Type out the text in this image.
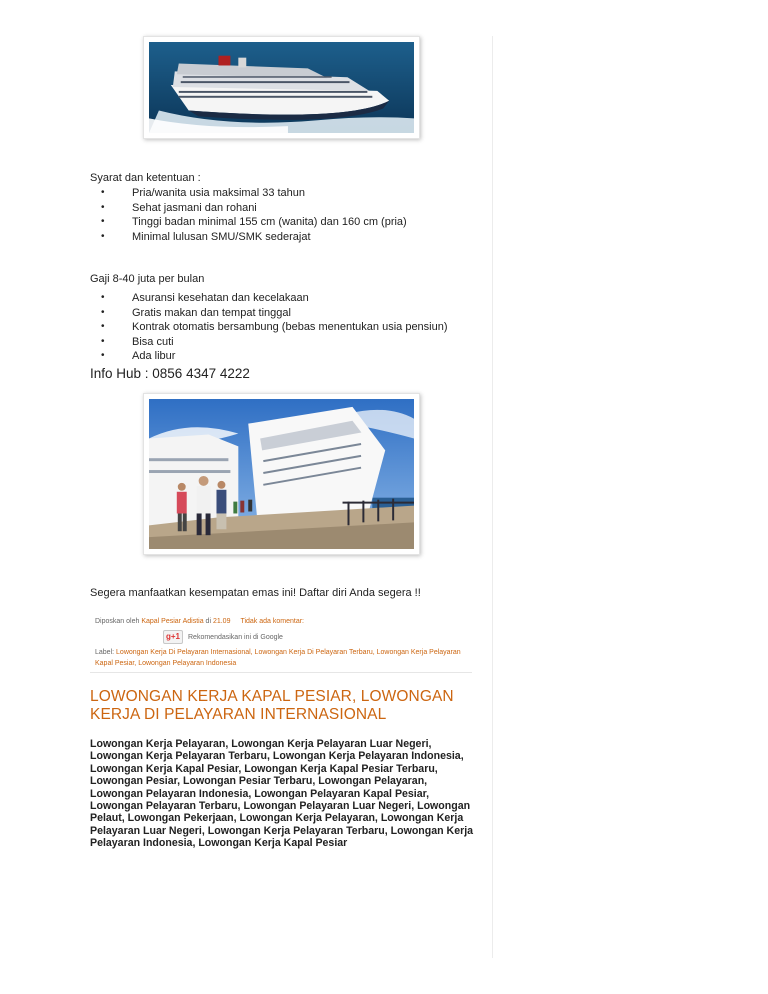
Syarat dan ketentuan :
• Pria/wanita usia maksimal 33 tahun
• Sehat jasmani dan rohani
• Tinggi badan minimal 155 cm (wanita) dan 160 cm (pria)
• Minimal lulusan SMU/SMK sederajat
Gaji 8-40 juta per bulan
• Asuransi kesehatan dan kecelakaan
• Gratis makan dan tempat tinggal
• Kontrak otomatis bersambung (bebas menentukan usia pensiun)
• Bisa cuti
• Ada libur
Info Hub : 0856 4347 4222
Segera manfaatkan kesempatan emas ini! Daftar diri Anda segera !!
Diposkan oleh Kapal Pesiar Adistia di 21.09 Tidak ada komentar:
g+1	Rekomendasikan ini di Google
Label: Lowongan Kerja Di Pelayaran Internasional, Lowongan Kerja Di Pelayaran Terbaru, Lowongan Kerja Pelayaran Kapal Pesiar, Lowongan Pelayaran Indonesia
LOWONGAN KERJA KAPAL PESIAR, LOWONGAN KERJA DI PELAYARAN INTERNASIONAL

Lowongan Kerja Pelayaran, Lowongan Kerja Pelayaran Luar Negeri, Lowongan Kerja Pelayaran Terbaru, Lowongan Kerja Pelayaran Indonesia, Lowongan Kerja Kapal Pesiar, Lowongan Kerja Kapal Pesiar Terbaru, Lowongan Pesiar, Lowongan Pesiar Terbaru, Lowongan Pelayaran, Lowongan Pelayaran Indonesia, Lowongan Pelayaran Kapal Pesiar, Lowongan Pelayaran Terbaru, Lowongan Pelayaran Luar Negeri, Lowongan Pelaut, Lowongan Pekerjaan, Lowongan Kerja Pelayaran, Lowongan Kerja Pelayaran Luar Negeri, Lowongan Kerja Pelayaran Terbaru, Lowongan Kerja Pelayaran Indonesia, Lowongan Kerja Kapal Pesiar
